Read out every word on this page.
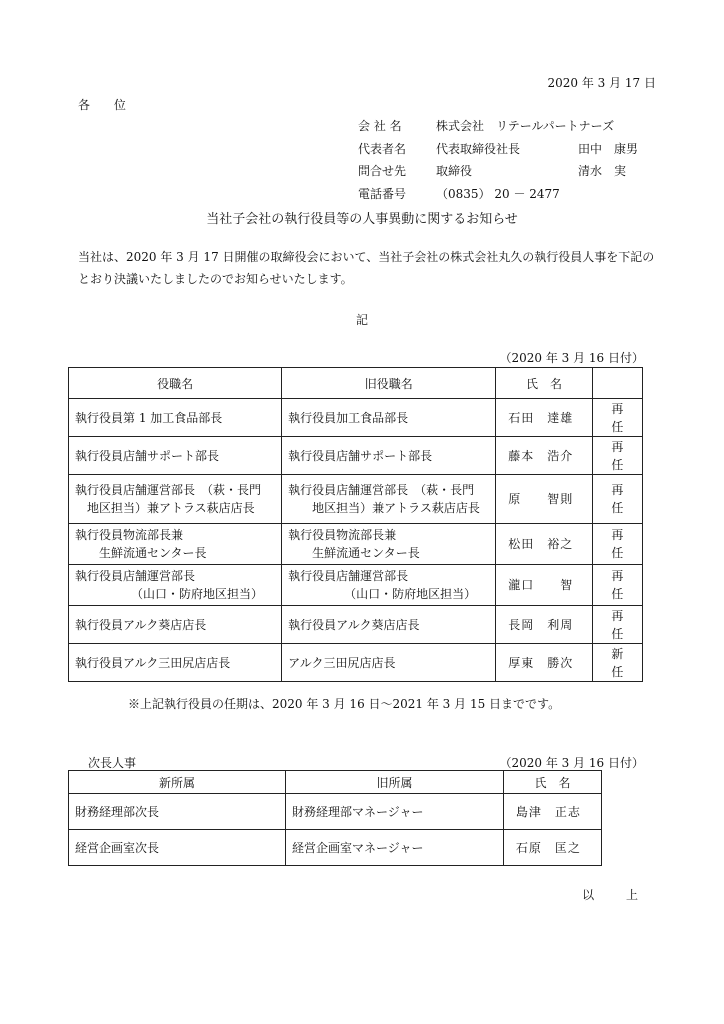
2020 年 3 月 17 日
各 位
会 社 名	株式会社　リテールパートナーズ
代表者名	代表取締役社長	田中　康男
問合せ先	取締役	清水　実
電話番号	（0835） 20 － 2477
当社子会社の執行役員等の人事異動に関するお知らせ
当社は、2020 年 3 月 17 日開催の取締役会において、当社子会社の株式会社丸久の執行役員人事を下記のとおり決議いたしましたのでお知らせいたします。
記
（2020 年 3 月 16 日付）
役職名	旧役職名	氏　名	
執行役員第 1 加工食品部長	執行役員加工食品部長	石田　達雄	再 任
執行役員店舗サポート部長	執行役員店舗サポート部長	藤本　浩介	再 任
執行役員店舗運営部長　（萩・長門

地区担当）兼アトラス萩店店長	執行役員店舗運営部長　（萩・長門

地区担当）兼アトラス萩店店長	原　　智則	再 任
執行役員物流部長兼

生鮮流通センター長	執行役員物流部長兼

生鮮流通センター長	松田　裕之	再 任
執行役員店舗運営部長

（山口・防府地区担当）	執行役員店舗運営部長

（山口・防府地区担当）	瀧口　　智	再 任
執行役員アルク葵店店長	執行役員アルク葵店店長	長岡　利周	再 任
執行役員アルク三田尻店店長	アルク三田尻店店長	厚東　勝次	新 任
※上記執行役員の任期は、2020 年 3 月 16 日～2021 年 3 月 15 日までです。
次長人事	（2020 年 3 月 16 日付）
新所属	旧所属	氏　名
財務経理部次長	財務経理部マネージャー	島津　正志
経営企画室次長	経営企画室マネージャー	石原　匡之
以 上
